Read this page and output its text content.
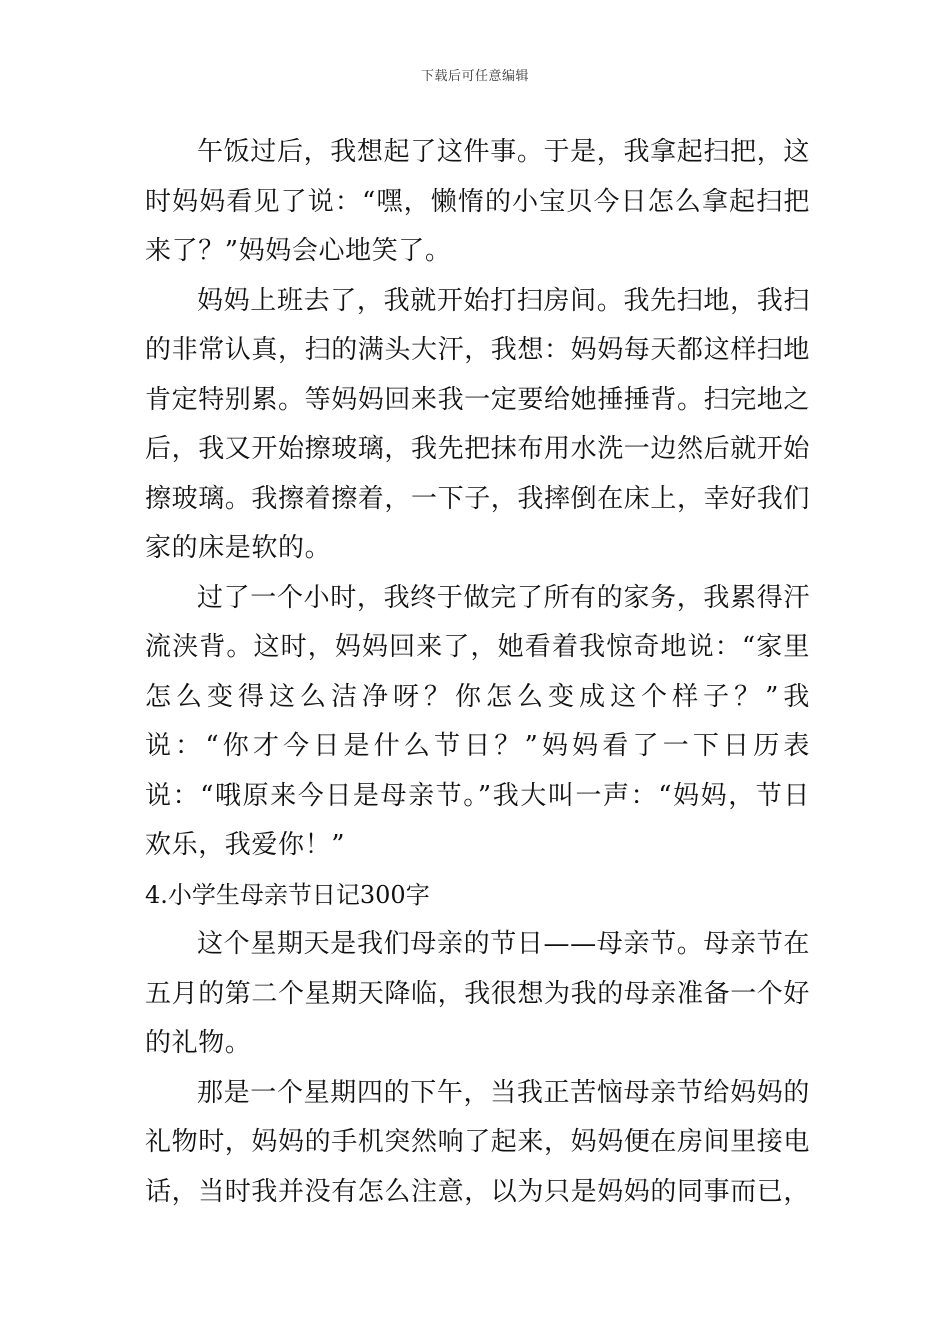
下载后可任意编辑

午饭过后，我想起了这件事。于是，我拿起扫把，这时妈妈看见了说：“嘿，懒惰的小宝贝今日怎么拿起扫把来了？”妈妈会心地笑了。

妈妈上班去了，我就开始打扫房间。我先扫地，我扫的非常认真，扫的满头大汗，我想：妈妈每天都这样扫地肯定特别累。等妈妈回来我一定要给她捶捶背。扫完地之后，我又开始擦玻璃，我先把抹布用水洗一边然后就开始擦玻璃。我擦着擦着，一下子，我摔倒在床上，幸好我们家的床是软的。

过了一个小时，我终于做完了所有的家务，我累得汗流浃背。这时，妈妈回来了，她看着我惊奇地说：“家里怎么变得这么洁净呀？你怎么变成这个样子？”我说：“你才今日是什么节日？”妈妈看了一下日历表说：“哦原来今日是母亲节。”我大叫一声：“妈妈，节日欢乐，我爱你！”

4.小学生母亲节日记300字

这个星期天是我们母亲的节日——母亲节。母亲节在五月的第二个星期天降临，我很想为我的母亲准备一个好的礼物。

那是一个星期四的下午，当我正苦恼母亲节给妈妈的礼物时，妈妈的手机突然响了起来，妈妈便在房间里接电话，当时我并没有怎么注意，以为只是妈妈的同事而已，
